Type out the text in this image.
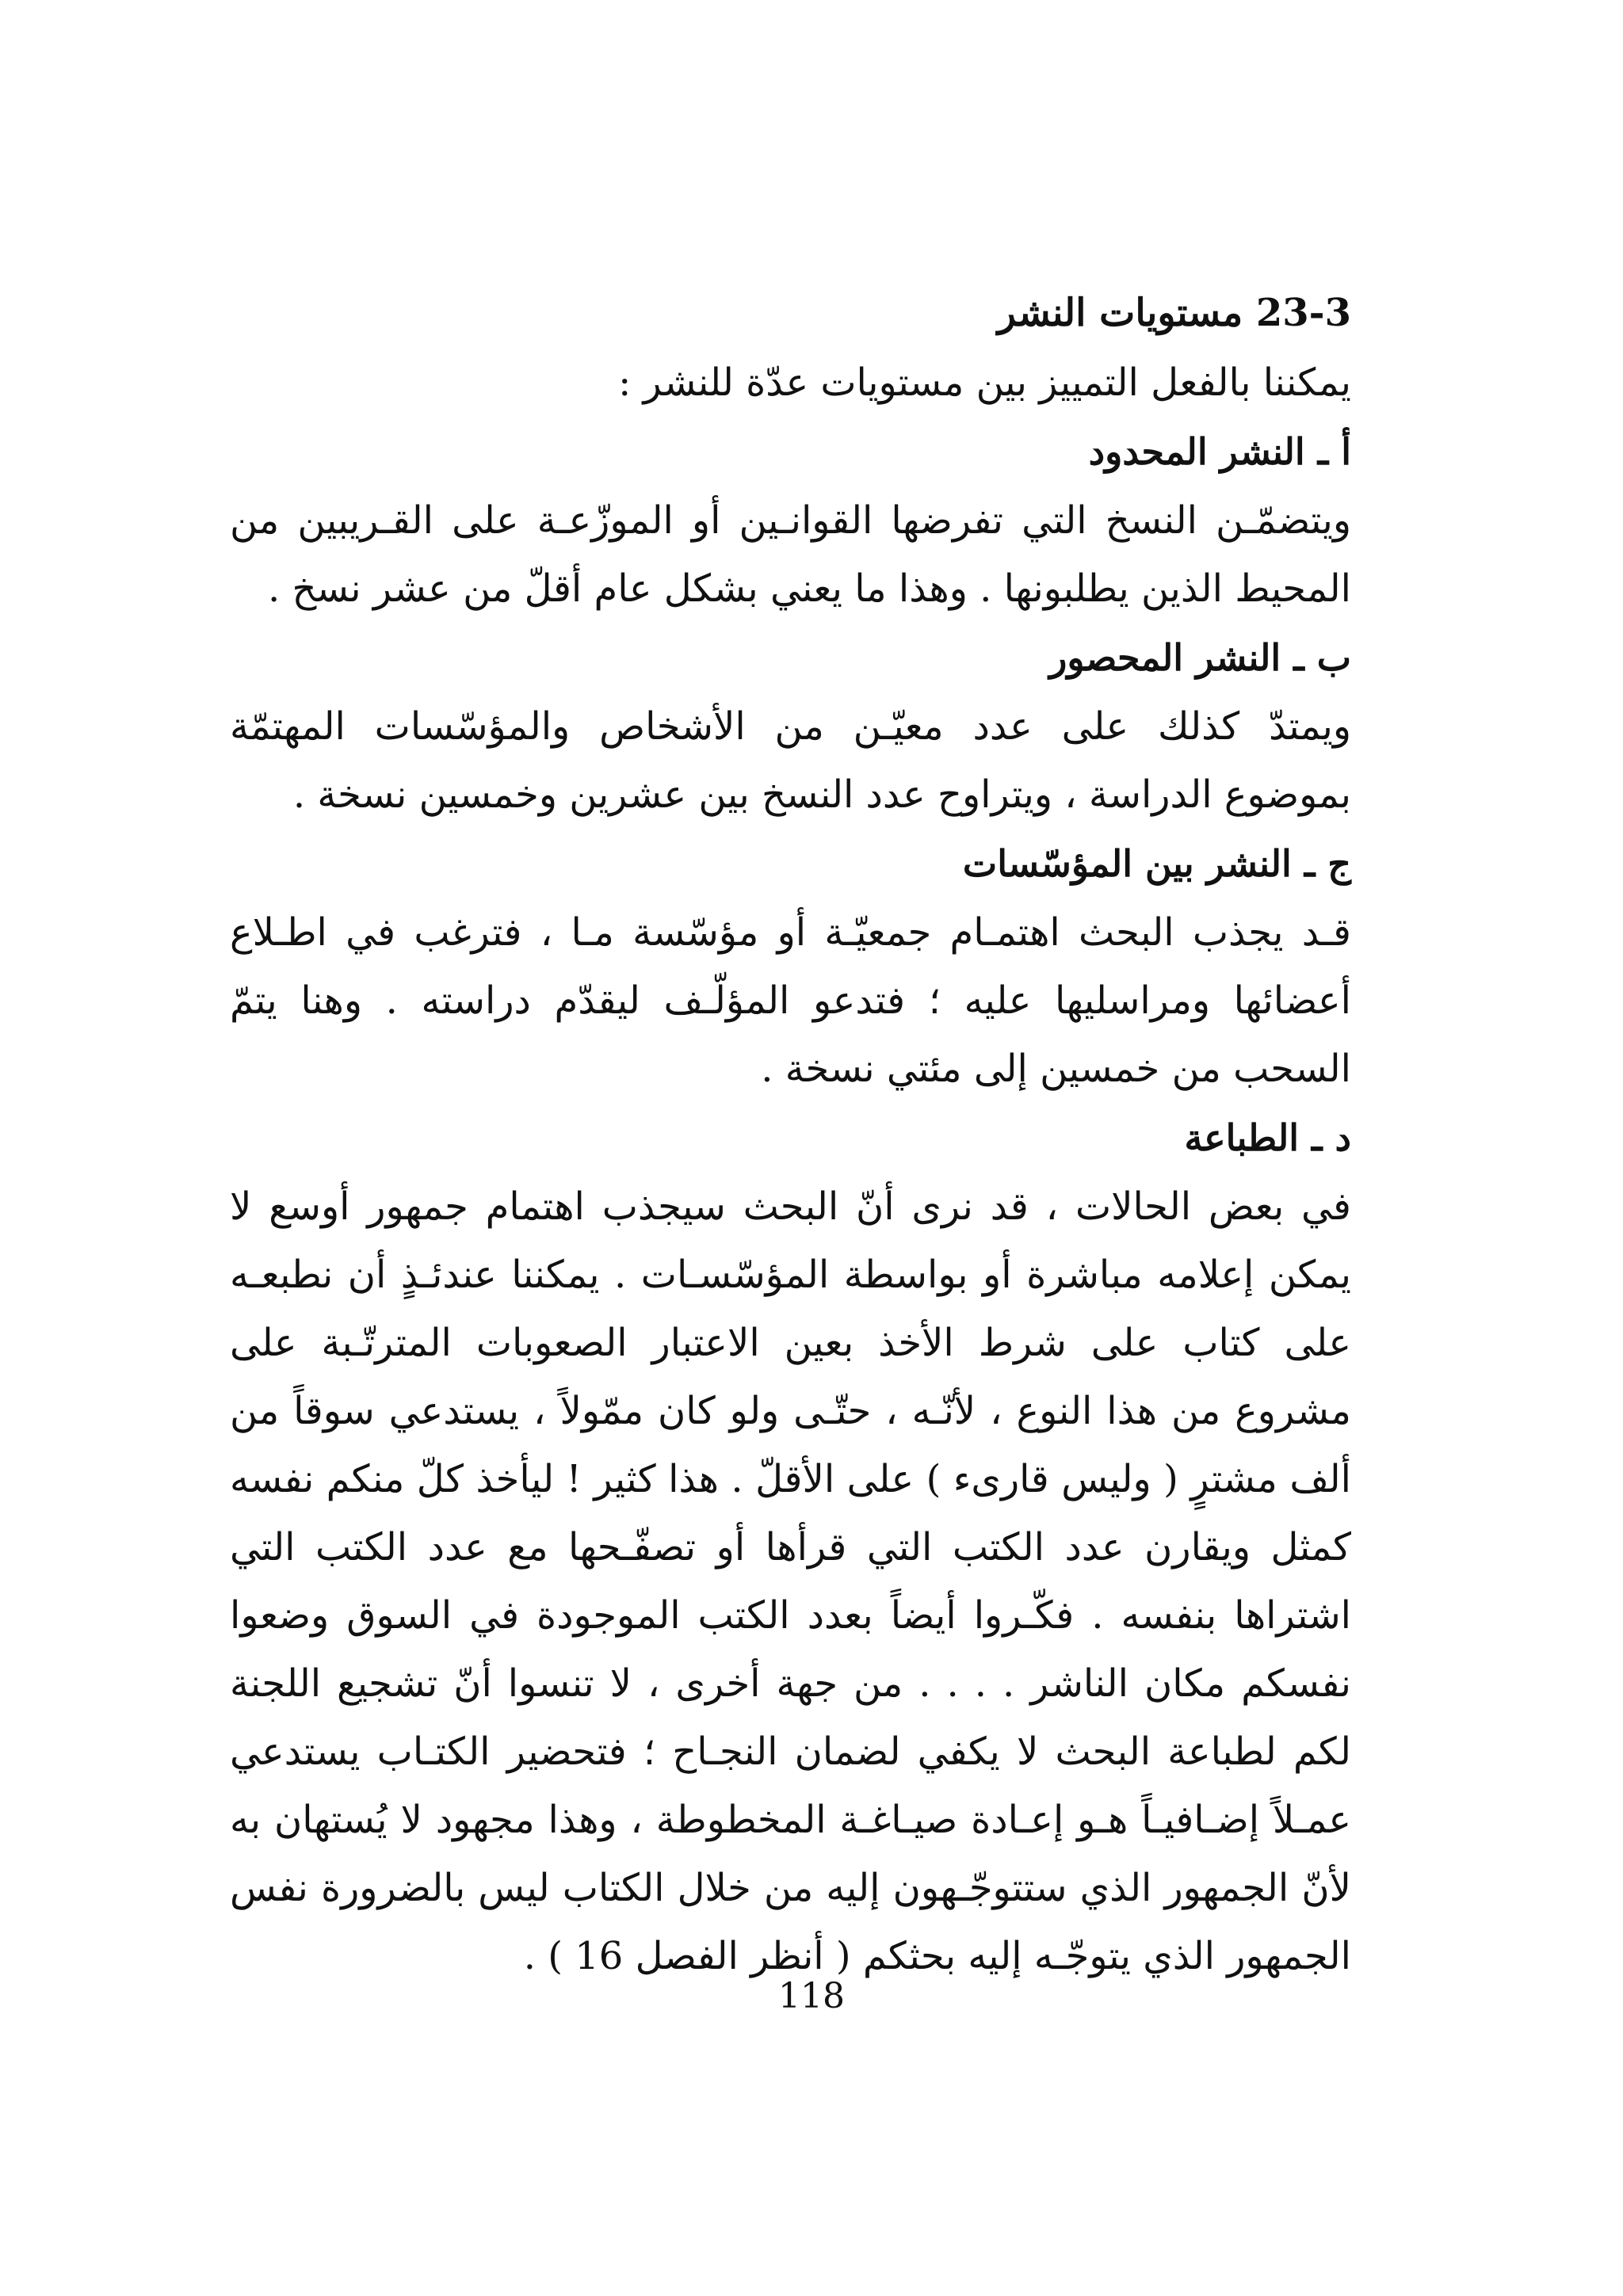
23-3 مستويات النشر

يمكننا بالفعل التمييز بين مستويات عدّة للنشر :

أ ـ النشر المحدود

ويتضمّـن النسخ التي تفرضها القوانـين أو الموزّعـة على القـريبين من المحيط الذين يطلبونها . وهذا ما يعني بشكل عام أقلّ من عشر نسخ .

ب ـ النشر المحصور

ويمتدّ كذلك على عدد معيّـن من الأشخاص والمؤسّسات المهتمّة بموضوع الدراسة ، ويتراوح عدد النسخ بين عشرين وخمسين نسخة .

ج ـ النشر بين المؤسّسات

قـد يجذب البحث اهتمـام جمعيّـة أو مؤسّسة مـا ، فترغب في اطـلاع أعضائها ومراسليها عليه ؛ فتدعو المؤلّـف ليقدّم دراسته . وهنا يتمّ السحب من خمسين إلى مئتي نسخة .

د ـ الطباعة

في بعض الحالات ، قد نرى أنّ البحث سيجذب اهتمام جمهور أوسع لا يمكن إعلامه مباشرة أو بواسطة المؤسّسـات . يمكننا عندئـذٍ أن نطبعـه على كتاب على شرط الأخذ بعين الاعتبار الصعوبات المترتّـبة على مشروع من هذا النوع ، لأنّـه ، حتّـى ولو كان ممّولاً ، يستدعي سوقاً من ألف مشترٍ ( وليس قارىء ) على الأقلّ . هذا كثير ! ليأخذ كلّ منكم نفسه كمثل ويقارن عدد الكتب التي قرأها أو تصفّـحها مع عدد الكتب التي اشتراها بنفسه . فكّـروا أيضاً بعدد الكتب الموجودة في السوق وضعوا نفسكم مكان الناشر . . . . من جهة أخرى ، لا تنسوا أنّ تشجيع اللجنة لكم لطباعة البحث لا يكفي لضمان النجـاح ؛ فتحضير الكتـاب يستدعي عمـلاً إضـافيـاً هـو إعـادة صيـاغـة المخطوطة ، وهذا مجهود لا يُستهان به لأنّ الجمهور الذي ستتوجّـهون إليه من خلال الكتاب ليس بالضرورة نفس الجمهور الذي يتوجّـه إليه بحثكم ( أنظر الفصل 16 ) .

118
